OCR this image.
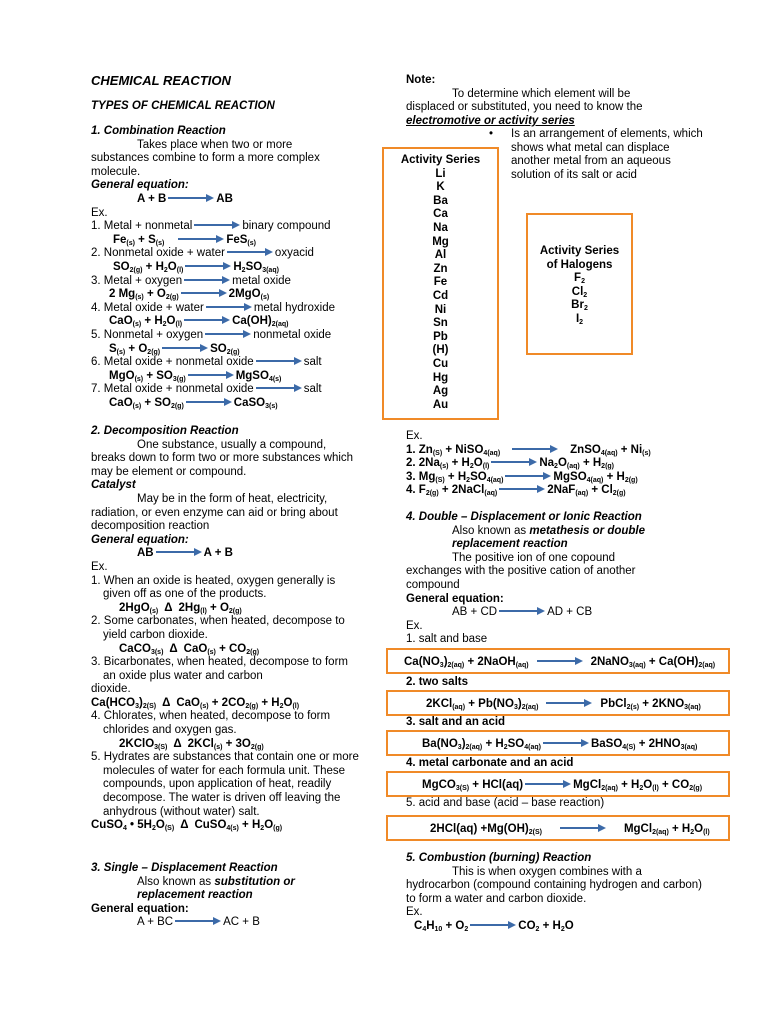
CHEMICAL REACTION
TYPES OF CHEMICAL REACTION
1. Combination Reaction
Takes place when two or more
substances combine to form a more complex molecule.
General equation:
A + B	AB
Ex.
1. Metal + nonmetal	binary compound
$Fe_{(s)} + S_{(s)}$	FeS$_{(s)}$
2. Nonmetal oxide + water	oxyacid
$SO_{2(g)} + H_2O_{(l)}$	$H_2SO_{3(aq)}$
3. Metal + oxygen	metal oxide
2 $Mg_{(s)} + O_{2(g)}$	2MgO$_{(s)}$
4. Metal oxide + water	metal hydroxide
$CaO_{(s)} + H_2O_{(l)}$	$Ca(OH)_{2(aq)}$
5. Nonmetal + oxygen	nonmetal oxide
$S_{(s)} + O_{2(g)}$	$SO_{2(g)}$
6. Metal oxide + nonmetal oxide	salt
$MgO_{(s)} + SO_{3(g)}$	MgSO$_{4(s)}$
7. Metal oxide + nonmetal oxide	salt
$CaO_{(s)} + SO_{2(g)}$	CaSO$_{3(s)}$
2. Decomposition Reaction
One substance, usually a compound,
breaks down to form two or more substances which may be element or compound.
Catalyst
May be in the form of heat, electricity,
radiation, or even enzyme can aid or bring about decomposition reaction
General equation:
AB	A + B
Ex.
1. When an oxide is heated, oxygen generally is given off as one of the products.
2HgO$_{(s)}$ Δ $2Hg_{(l)} + O_{2(g)}$
2. Some carbonates, when heated, decompose to yield carbon dioxide.
CaCO$_{3(s)}$ Δ $CaO_{(s)} + CO_{2(g)}$
3. Bicarbonates, when heated, decompose to form an oxide plus water and carbon
dioxide.
$Ca(HCO_3)_{2(S)}$ Δ $CaO_{(s)} + 2CO_{2(g)} + H_2O_{(l)}$
4. Chlorates, when heated, decompose to form chlorides and oxygen gas.
2KClO$_{3(S)}$ Δ $2KCl_{(s)} + 3O_{2(g)}$
5. Hydrates are substances that contain one or more molecules of water for each formula unit. These compounds, upon application of heat, readily decompose. The water is driven off leaving the anhydrous (without water) salt.
CuSO$_4$ • $5H_2O_{(S)}$ Δ CuSO$_{4(s)}$ + $H_2O_{(g)}$
3. Single – Displacement Reaction
Also known as substitution or replacement reaction
General equation:
A + BC	AC + B
Note:
To determine which element will be
displaced or substituted, you need to know the
electromotive or activity series
• Is an arrangement of elements, which shows what metal can displace another metal from an aqueous solution of its salt or acid
Activity Series
Li
K
Ba
Ca
Na
Mg
Al
Zn
Fe
Cd
Ni
Sn
Pb
(H)
Cu
Hg
Ag
Au
Activity Series
of Halogens
$F_2$
$Cl_2$
$Br_2$
$I_2$
Ex.
1. $Zn_{(S)}$ + NiSO$_{4(aq)}$	ZnSO$_{4(aq)}$ + $Ni_{(s)}$
2. $2Na_{(s)} + H_2O_{(l)}$	$Na_2O_{(aq)} + H_{2(g)}$
3. $Mg_{(S)} + H_2SO_{4(aq)}$	MgSO$_{4(aq)}$ + $H_{2(g)}$
4. $F_{2(g)}$ + 2NaCl$_{(aq)}$	$2NaF_{(aq)} + Cl_{2(g)}$
4. Double – Displacement or Ionic Reaction
Also known as metathesis or double replacement reaction
The positive ion of one copound
exchanges with the positive cation of another compound
General equation:
AB + CD	AD + CB
Ex.
1. salt and base
$Ca(NO_3)_{2(aq)}$ + 2NaOH$_{(aq)}$	2NaNO$_{3(aq)}$ + $Ca(OH)_{2(aq)}$
2. two salts
$2KCl_{(aq)} + Pb(NO_3)_{2(aq)}$	PbCl$_{2(s)}$ + $2KNO_{3(aq)}$
3. salt and an acid
$Ba(NO_3)_{2(aq)} + H_2SO_{4(aq)}$	BaSO$_{4(S)}$ + $2HNO_{3(aq)}$
4. metal carbonate and an acid
MgCO$_{3(S)}$ + HCl(aq)	MgCl$_{2(aq)}$ + $H_2O_{(l)} + CO_{2(g)}$
5. acid and base (acid – base reaction)
$2HCl(aq) +Mg(OH)_{2(S)}$	MgCl$_{2(aq)}$ + $H_2O_{(l)}$
5. Combustion (burning) Reaction
This is when oxygen combines with a
hydrocarbon (compound containing hydrogen and carbon) to form a water and carbon dioxide.
Ex.
$C_4H_{10} + O_2$	$CO_2 + H_2O$
